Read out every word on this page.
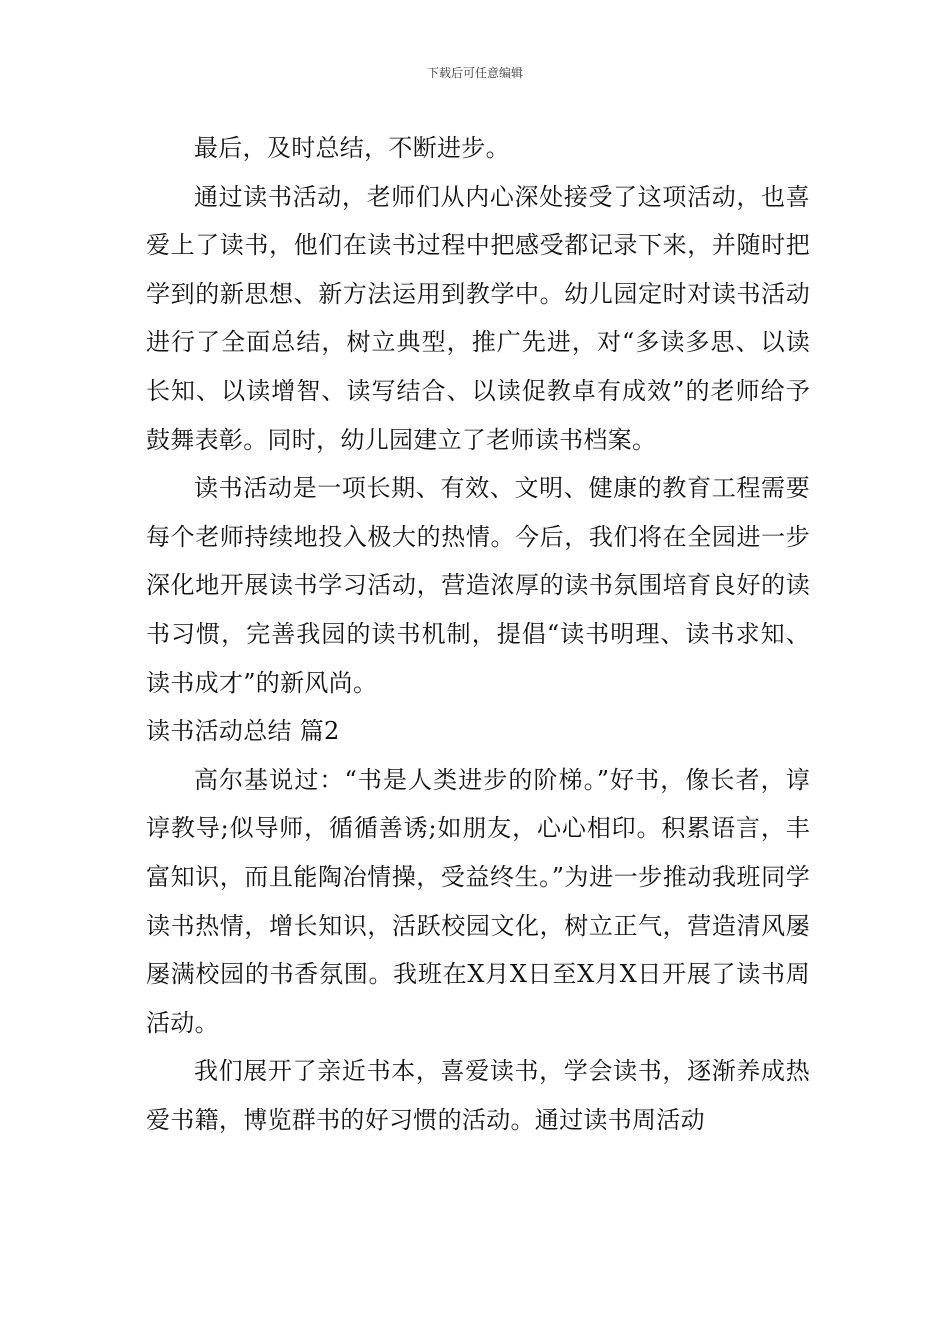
下载后可任意编辑

最后，及时总结，不断进步。

通过读书活动，老师们从内心深处接受了这项活动，也喜爱上了读书，他们在读书过程中把感受都记录下来，并随时把学到的新思想、新方法运用到教学中。幼儿园定时对读书活动进行了全面总结，树立典型，推广先进，对“多读多思、以读长知、以读增智、读写结合、以读促教卓有成效”的老师给予鼓舞表彰。同时，幼儿园建立了老师读书档案。

读书活动是一项长期、有效、文明、健康的教育工程需要每个老师持续地投入极大的热情。今后，我们将在全园进一步深化地开展读书学习活动，营造浓厚的读书氛围培育良好的读书习惯，完善我园的读书机制，提倡“读书明理、读书求知、读书成才”的新风尚。

读书活动总结 篇2

高尔基说过：“书是人类进步的阶梯。”好书，像长者，谆谆教导;似导师，循循善诱;如朋友，心心相印。积累语言，丰富知识，而且能陶冶情操，受益终生。”为进一步推动我班同学读书热情，增长知识，活跃校园文化，树立正气，营造清风屡屡满校园的书香氛围。我班在X月X日至X月X日开展了读书周活动。

我们展开了亲近书本，喜爱读书，学会读书，逐渐养成热爱书籍，博览群书的好习惯的活动。通过读书周活动
